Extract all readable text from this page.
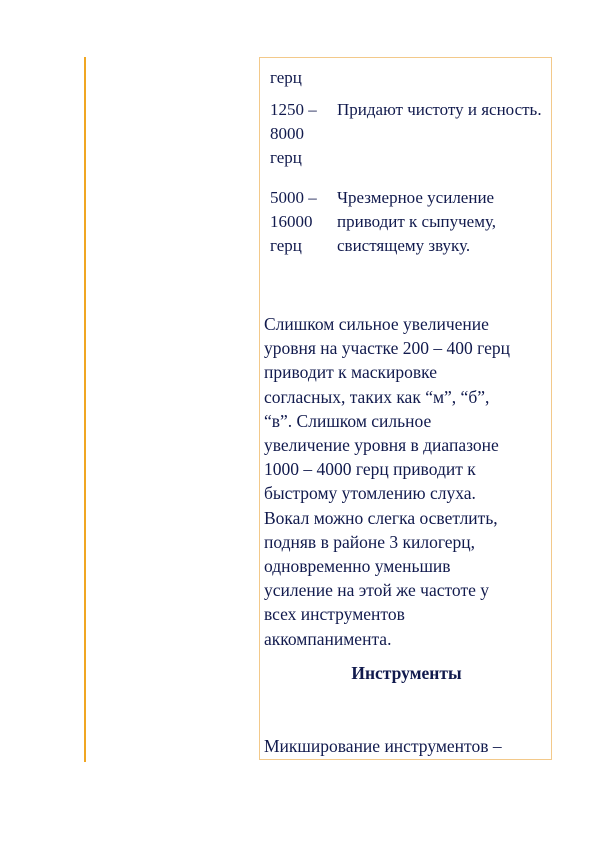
герц
1250 –
8000
герц
Придают чистоту и ясность.
5000 –
16000
герц
Чрезмерное усиление
приводит к сыпучему,
свистящему звуку.
Слишком сильное увеличение
уровня на участке 200 – 400 герц
приводит к маскировке
согласных, таких как “м”, “б”,
“в”. Слишком сильное
увеличение уровня в диапазоне
1000 – 4000 герц приводит к
быстрому утомлению слуха.
Вокал можно слегка осветлить,
подняв в районе 3 килогерц,
одновременно уменьшив
усиление на этой же частоте у
всех инструментов
аккомпанимента.
Инструменты
Микширование инструментов –
